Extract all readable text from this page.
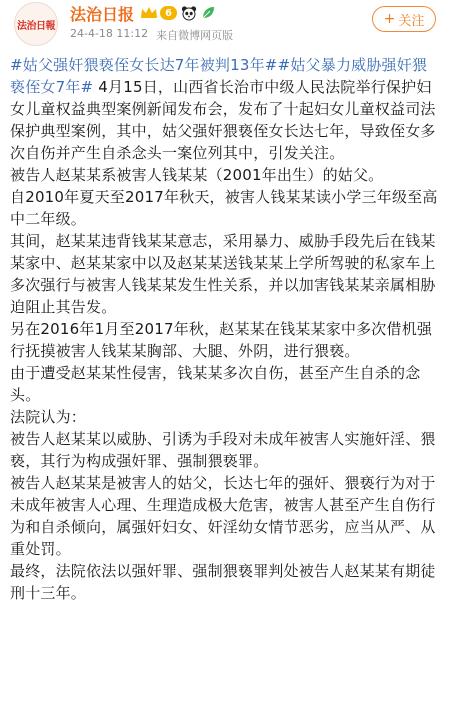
法治日報
法治日报	6
24-4-18 11:12 来自微博网页版
+ 关注

#姑父强奸猥亵侄女长达7年被判13年##姑父暴力威胁强奸猥亵侄女7年# 4月15日，山西省长治市中级人民法院举行保护妇女儿童权益典型案例新闻发布会，发布了十起妇女儿童权益司法保护典型案例，其中，姑父强奸猥亵侄女长达七年，导致侄女多次自伤并产生自杀念头一案位列其中，引发关注。

被告人赵某某系被害人钱某某（2001年出生）的姑父。

自2010年夏天至2017年秋天，被害人钱某某读小学三年级至高中二年级。

其间，赵某某违背钱某某意志，采用暴力、威胁手段先后在钱某某家中、赵某某家中以及赵某某送钱某某上学所驾驶的私家车上多次强行与被害人钱某某发生性关系，并以加害钱某某亲属相胁迫阻止其告发。

另在2016年1月至2017年秋，赵某某在钱某某家中多次借机强行抚摸被害人钱某某胸部、大腿、外阴，进行猥亵。

由于遭受赵某某性侵害，钱某某多次自伤，甚至产生自杀的念头。

法院认为：

被告人赵某某以威胁、引诱为手段对未成年被害人实施奸淫、猥亵，其行为构成强奸罪、强制猥亵罪。

被告人赵某某是被害人的姑父，长达七年的强奸、猥亵行为对于未成年被害人心理、生理造成极大危害，被害人甚至产生自伤行为和自杀倾向，属强奸妇女、奸淫幼女情节恶劣，应当从严、从重处罚。

最终，法院依法以强奸罪、强制猥亵罪判处被告人赵某某有期徒刑十三年。
